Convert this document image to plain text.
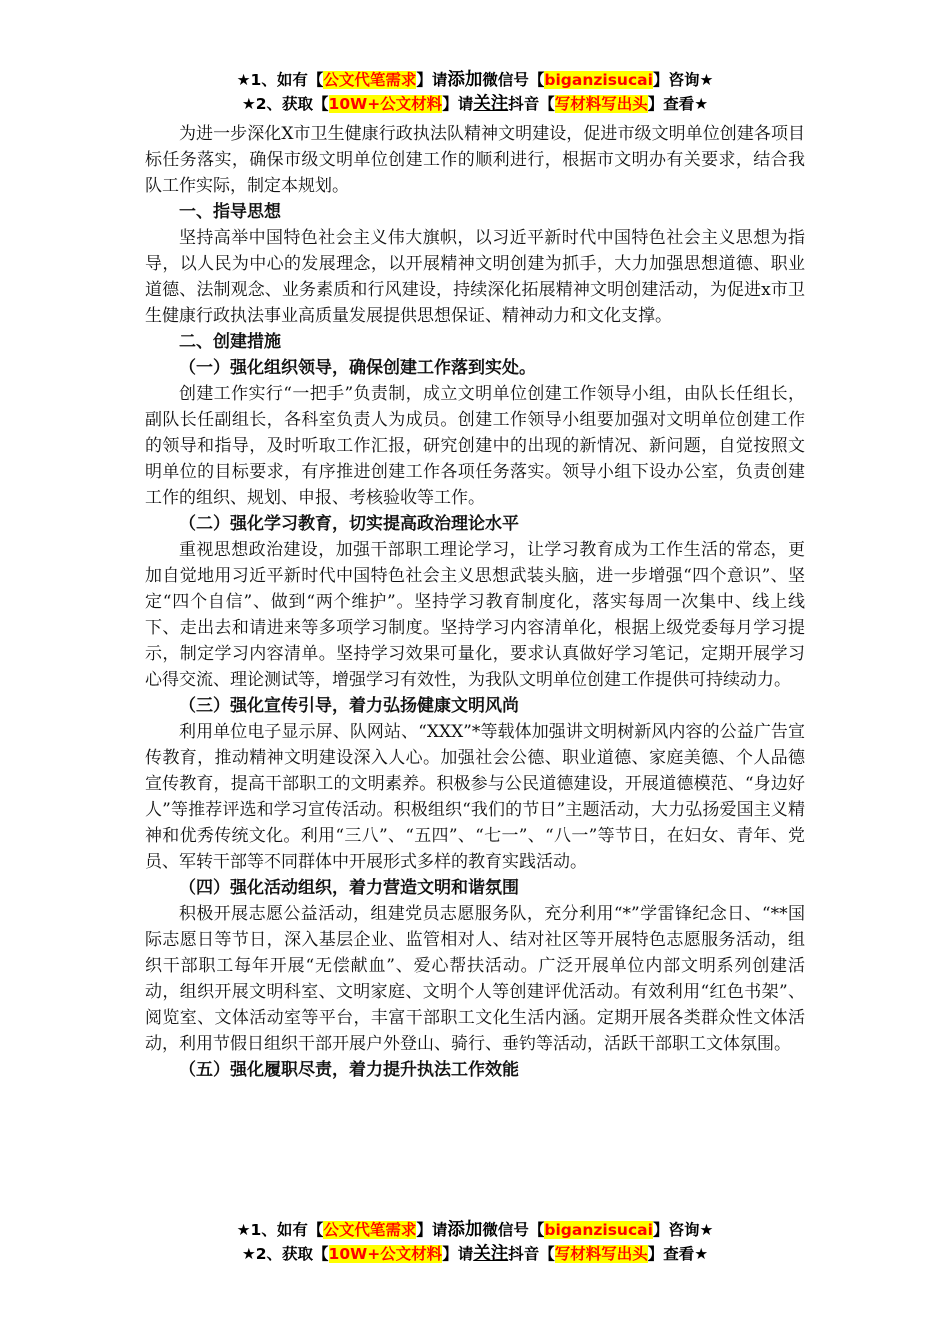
★1、如有【公文代笔需求】请添加微信号【biganzisucai】咨询★
★2、获取【10W+公文材料】请关注抖音【写材料写出头】查看★

为进一步深化X市卫生健康行政执法队精神文明建设，促进市级文明单位创建各项目标任务落实，确保市级文明单位创建工作的顺利进行，根据市文明办有关要求，结合我队工作实际，制定本规划。

一、指导思想

坚持高举中国特色社会主义伟大旗帜，以习近平新时代中国特色社会主义思想为指导，以人民为中心的发展理念，以开展精神文明创建为抓手，大力加强思想道德、职业道德、法制观念、业务素质和行风建设，持续深化拓展精神文明创建活动，为促进x市卫生健康行政执法事业高质量发展提供思想保证、精神动力和文化支撑。

二、创建措施

（一）强化组织领导，确保创建工作落到实处。

创建工作实行“一把手”负责制，成立文明单位创建工作领导小组，由队长任组长，副队长任副组长，各科室负责人为成员。创建工作领导小组要加强对文明单位创建工作的领导和指导，及时听取工作汇报，研究创建中的出现的新情况、新问题，自觉按照文明单位的目标要求，有序推进创建工作各项任务落实。领导小组下设办公室，负责创建工作的组织、规划、申报、考核验收等工作。

（二）强化学习教育，切实提高政治理论水平

重视思想政治建设，加强干部职工理论学习，让学习教育成为工作生活的常态，更加自觉地用习近平新时代中国特色社会主义思想武装头脑，进一步增强“四个意识”、坚定“四个自信”、做到“两个维护”。坚持学习教育制度化，落实每周一次集中、线上线下、走出去和请进来等多项学习制度。坚持学习内容清单化，根据上级党委每月学习提示，制定学习内容清单。坚持学习效果可量化，要求认真做好学习笔记，定期开展学习心得交流、理论测试等，增强学习有效性，为我队文明单位创建工作提供可持续动力。

（三）强化宣传引导，着力弘扬健康文明风尚

利用单位电子显示屏、队网站、“XXX”*等载体加强讲文明树新风内容的公益广告宣传教育，推动精神文明建设深入人心。加强社会公德、职业道德、家庭美德、个人品德宣传教育，提高干部职工的文明素养。积极参与公民道德建设，开展道德模范、“身边好人”等推荐评选和学习宣传活动。积极组织“我们的节日”主题活动，大力弘扬爱国主义精神和优秀传统文化。利用“三八”、“五四”、“七一”、“八一”等节日，在妇女、青年、党员、军转干部等不同群体中开展形式多样的教育实践活动。

（四）强化活动组织，着力营造文明和谐氛围

积极开展志愿公益活动，组建党员志愿服务队，充分利用“*”学雷锋纪念日、“**国际志愿日等节日，深入基层企业、监管相对人、结对社区等开展特色志愿服务活动，组织干部职工每年开展“无偿献血”、爱心帮扶活动。广泛开展单位内部文明系列创建活动，组织开展文明科室、文明家庭、文明个人等创建评优活动。有效利用“红色书架”、阅览室、文体活动室等平台，丰富干部职工文化生活内涵。定期开展各类群众性文体活动，利用节假日组织干部开展户外登山、骑行、垂钓等活动，活跃干部职工文体氛围。

（五）强化履职尽责，着力提升执法工作效能

★1、如有【公文代笔需求】请添加微信号【biganzisucai】咨询★
★2、获取【10W+公文材料】请关注抖音【写材料写出头】查看★
